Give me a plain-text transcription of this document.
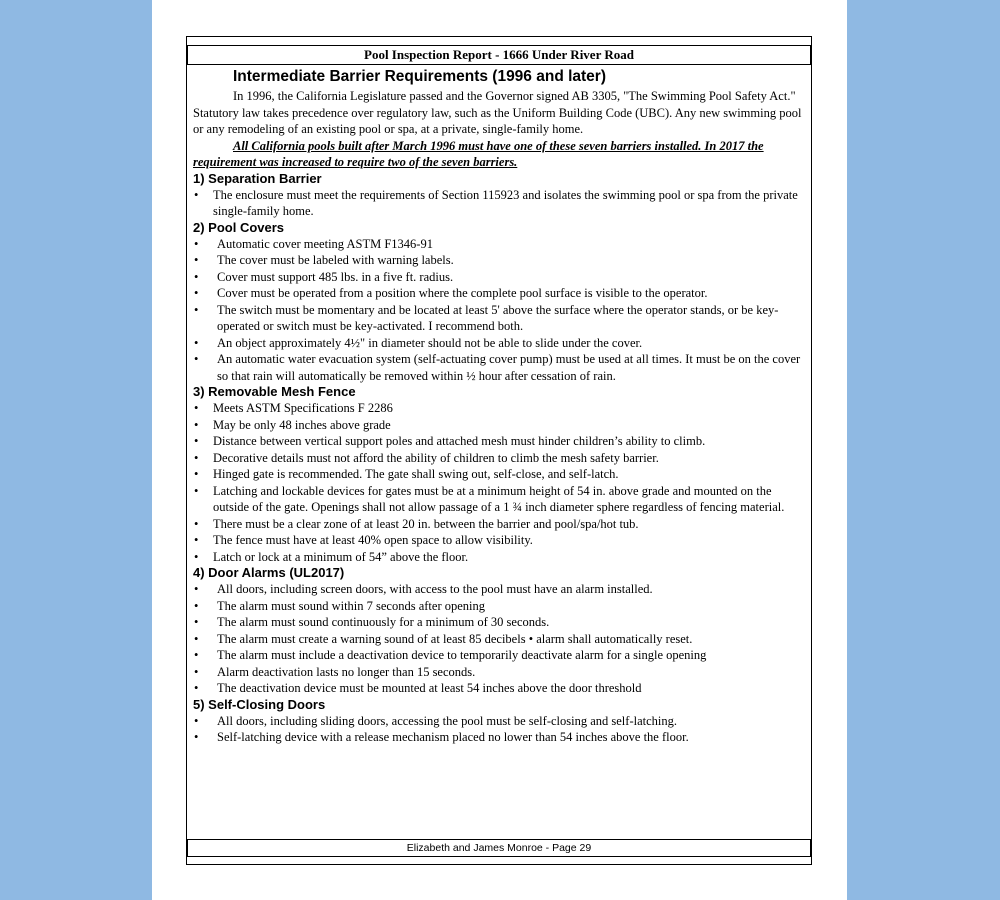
Pool Inspection Report - 1666 Under River Road
Intermediate Barrier Requirements (1996 and later)

In 1996, the California Legislature passed and the Governor signed AB 3305, "The Swimming Pool Safety Act." Statutory law takes precedence over regulatory law, such as the Uniform Building Code (UBC). Any new swimming pool or any remodeling of an existing pool or spa, at a private, single-family home.

All California pools built after March 1996 must have one of these seven barriers installed. In 2017 the requirement was increased to require two of the seven barriers.

1) Separation Barrier
• The enclosure must meet the requirements of Section 115923 and isolates the swimming pool or spa from the private single-family home.
2) Pool Covers
• Automatic cover meeting ASTM F1346-91
• The cover must be labeled with warning labels.
• Cover must support 485 lbs. in a five ft. radius.
• Cover must be operated from a position where the complete pool surface is visible to the operator.
• The switch must be momentary and be located at least 5' above the surface where the operator stands, or be key-operated or switch must be key-activated. I recommend both.
• An object approximately 4½" in diameter should not be able to slide under the cover.
• An automatic water evacuation system (self-actuating cover pump) must be used at all times. It must be on the cover so that rain will automatically be removed within ½ hour after cessation of rain.
3) Removable Mesh Fence
• Meets ASTM Specifications F 2286
• May be only 48 inches above grade
• Distance between vertical support poles and attached mesh must hinder children’s ability to climb.
• Decorative details must not afford the ability of children to climb the mesh safety barrier.
• Hinged gate is recommended. The gate shall swing out, self-close, and self-latch.
• Latching and lockable devices for gates must be at a minimum height of 54 in. above grade and mounted on the outside of the gate. Openings shall not allow passage of a 1 ¾ inch diameter sphere regardless of fencing material.
• There must be a clear zone of at least 20 in. between the barrier and pool/spa/hot tub.
• The fence must have at least 40% open space to allow visibility.
• Latch or lock at a minimum of 54” above the floor.
4) Door Alarms (UL2017)
• All doors, including screen doors, with access to the pool must have an alarm installed.
• The alarm must sound within 7 seconds after opening
• The alarm must sound continuously for a minimum of 30 seconds.
• The alarm must create a warning sound of at least 85 decibels • alarm shall automatically reset.
• The alarm must include a deactivation device to temporarily deactivate alarm for a single opening
• Alarm deactivation lasts no longer than 15 seconds.
• The deactivation device must be mounted at least 54 inches above the door threshold
5) Self-Closing Doors
• All doors, including sliding doors, accessing the pool must be self-closing and self-latching.
• Self-latching device with a release mechanism placed no lower than 54 inches above the floor.
Elizabeth and James Monroe - Page 29
